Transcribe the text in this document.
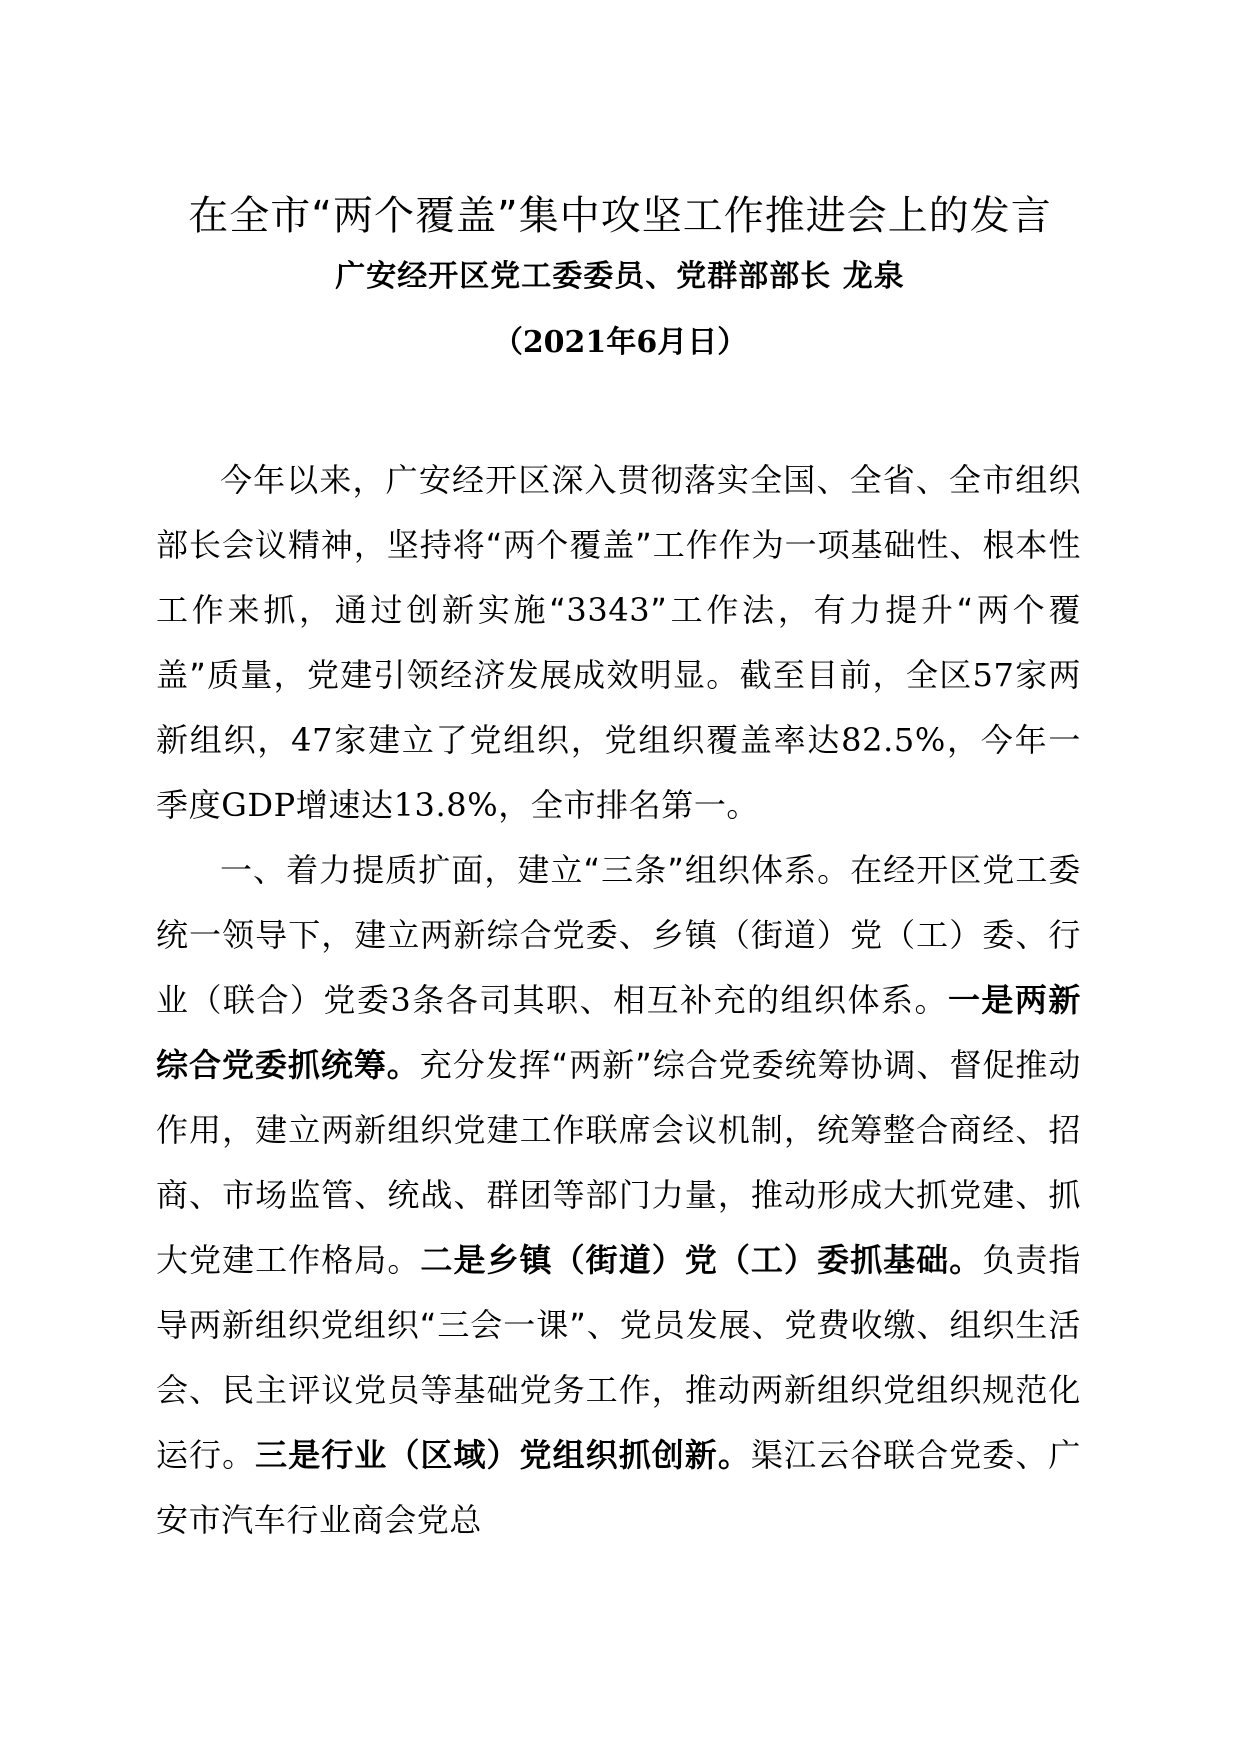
在全市“两个覆盖”集中攻坚工作推进会上的发言
广安经开区党工委委员、党群部部长 龙泉
（2021年6月日）

今年以来，广安经开区深入贯彻落实全国、全省、全市组织部长会议精神，坚持将“两个覆盖”工作作为一项基础性、根本性工作来抓，通过创新实施“3343”工作法，有力提升“两个覆盖”质量，党建引领经济发展成效明显。截至目前，全区57家两新组织，47家建立了党组织，党组织覆盖率达82.5%，今年一季度GDP增速达13.8%，全市排名第一。

一、着力提质扩面，建立“三条”组织体系。在经开区党工委统一领导下，建立两新综合党委、乡镇（街道）党（工）委、行业（联合）党委3条各司其职、相互补充的组织体系。一是两新综合党委抓统筹。充分发挥“两新”综合党委统筹协调、督促推动作用，建立两新组织党建工作联席会议机制，统筹整合商经、招商、市场监管、统战、群团等部门力量，推动形成大抓党建、抓大党建工作格局。二是乡镇（街道）党（工）委抓基础。负责指导两新组织党组织“三会一课”、党员发展、党费收缴、组织生活会、民主评议党员等基础党务工作，推动两新组织党组织规范化运行。三是行业（区域）党组织抓创新。渠江云谷联合党委、广安市汽车行业商会党总
